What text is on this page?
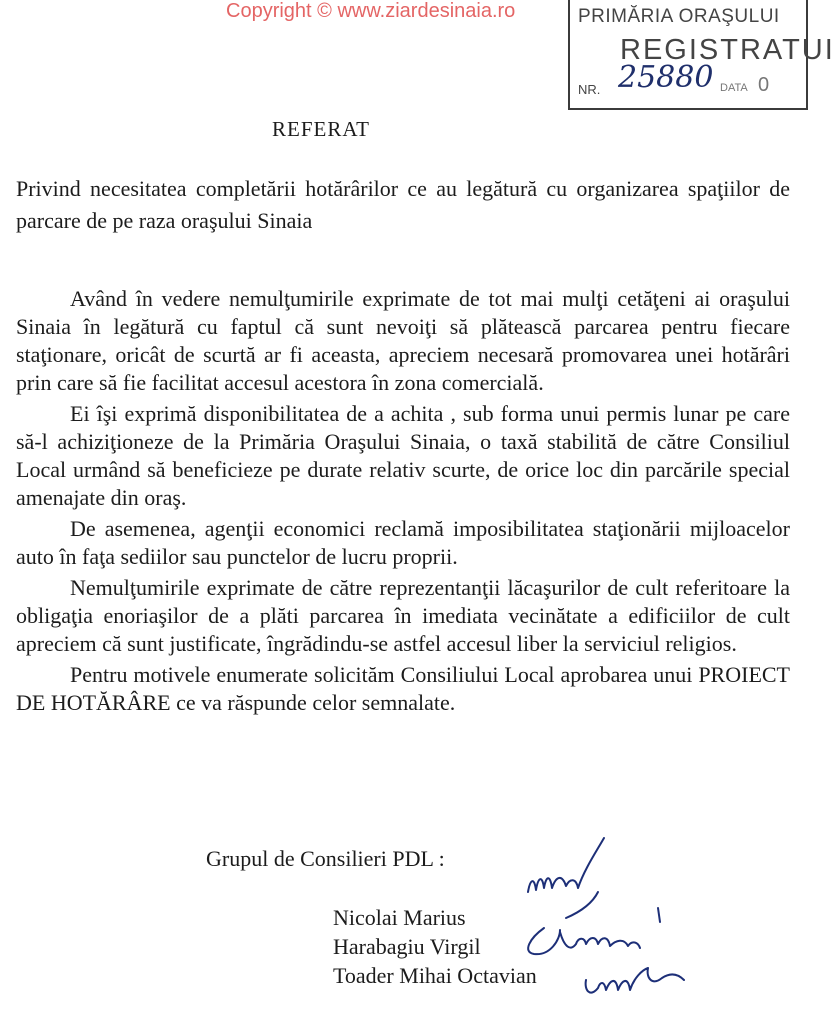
Copyright © www.ziardesinaia.ro	PRIMĂRIA ORAŞULUI
REGISTRATUI
NR. 25880 DATA 0
REFERAT
Privind necesitatea completării hotărârilor ce au legătură cu organizarea spaţiilor de parcare de pe raza oraşului Sinaia

Având în vedere nemulţumirile exprimate de tot mai mulţi cetăţeni ai oraşului Sinaia în legătură cu faptul că sunt nevoiţi să plătească parcarea pentru fiecare staţionare, oricât de scurtă ar fi aceasta, apreciem necesară promovarea unei hotărâri prin care să fie facilitat accesul acestora în zona comercială.

Ei îşi exprimă disponibilitatea de a achita , sub forma unui permis lunar pe care să-l achiziţioneze de la Primăria Oraşului Sinaia, o taxă stabilită de către Consiliul Local urmând să beneficieze pe durate relativ scurte, de orice loc din parcările special amenajate din oraş.

De asemenea, agenţii economici reclamă imposibilitatea staţionării mijloacelor auto în faţa sediilor sau punctelor de lucru proprii.

Nemulţumirile exprimate de către reprezentanţii lăcaşurilor de cult referitoare la obligaţia enoriaşilor de a plăti parcarea în imediata vecinătate a edificiilor de cult apreciem că sunt justificate, îngrădindu-se astfel accesul liber la serviciul religios.

Pentru motivele enumerate solicităm Consiliului Local aprobarea unui PROIECT DE HOTĂRÂRE ce va răspunde celor semnalate.

Grupul de Consilieri PDL :
Nicolai Marius
Harabagiu Virgil
Toader Mihai Octavian
